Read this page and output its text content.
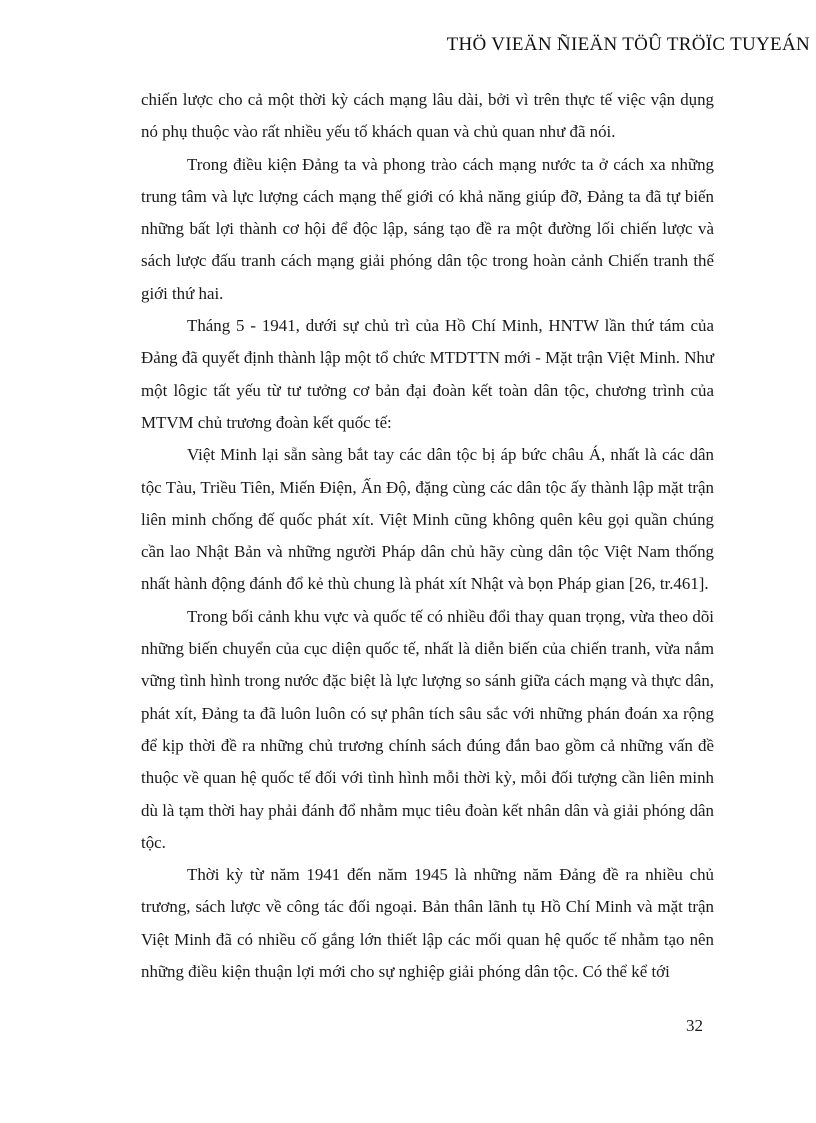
THÖ VIEÄN ÑIEÄN TÖÛ TRÖÏC TUYEÁN

chiến lược cho cả một thời kỳ cách mạng lâu dài, bởi vì trên thực tế việc vận dụng nó phụ thuộc vào rất nhiều yếu tố khách quan và chủ quan như đã nói.

Trong điều kiện Đảng ta và phong trào cách mạng nước ta ở cách xa những trung tâm và lực lượng cách mạng thế giới có khả năng giúp đỡ, Đảng ta đã tự biến những bất lợi thành cơ hội để độc lập, sáng tạo đề ra một đường lối chiến lược và sách lược đấu tranh cách mạng giải phóng dân tộc trong hoàn cảnh Chiến tranh thế giới thứ hai.

Tháng 5 - 1941, dưới sự chủ trì của Hồ Chí Minh, HNTW lần thứ tám của Đảng đã quyết định thành lập một tổ chức MTDTTN mới - Mặt trận Việt Minh. Như một lôgic tất yếu từ tư tưởng cơ bản đại đoàn kết toàn dân tộc, chương trình của MTVM chủ trương đoàn kết quốc tế:

Việt Minh lại sẵn sàng bắt tay các dân tộc bị áp bức châu Á, nhất là các dân tộc Tàu, Triều Tiên, Miến Điện, Ấn Độ, đặng cùng các dân tộc ấy thành lập mặt trận liên minh chống đế quốc phát xít. Việt Minh cũng không quên kêu gọi quần chúng cần lao Nhật Bản và những người Pháp dân chủ hãy cùng dân tộc Việt Nam thống nhất hành động đánh đổ kẻ thù chung là phát xít Nhật và bọn Pháp gian [26, tr.461].

Trong bối cảnh khu vực và quốc tế có nhiều đổi thay quan trọng, vừa theo dõi những biến chuyển của cục diện quốc tế, nhất là diễn biến của chiến tranh, vừa nắm vững tình hình trong nước đặc biệt là lực lượng so sánh giữa cách mạng và thực dân, phát xít, Đảng ta đã luôn luôn có sự phân tích sâu sắc với những phán đoán xa rộng để kịp thời đề ra những chủ trương chính sách đúng đắn bao gồm cả những vấn đề thuộc về quan hệ quốc tế đối với tình hình mỗi thời kỳ, mỗi đối tượng cần liên minh dù là tạm thời hay phải đánh đổ nhằm mục tiêu đoàn kết nhân dân và giải phóng dân tộc.

Thời kỳ từ năm 1941 đến năm 1945 là những năm Đảng đề ra nhiều chủ trương, sách lược về công tác đối ngoại. Bản thân lãnh tụ Hồ Chí Minh và mặt trận Việt Minh đã có nhiều cố gắng lớn thiết lập các mối quan hệ quốc tế nhằm tạo nên những điều kiện thuận lợi mới cho sự nghiệp giải phóng dân tộc. Có thể kể tới

32
